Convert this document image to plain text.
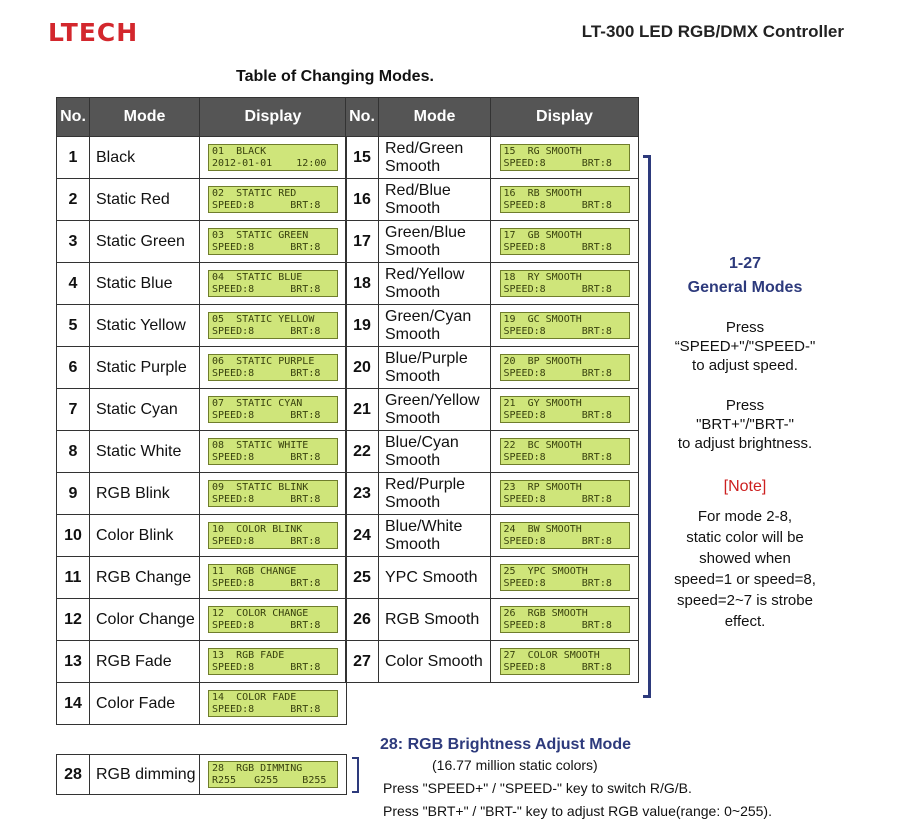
LTECH	LT-300 LED RGB/DMX Controller
Table of Changing Modes.
No.	Mode	Display
1	Black	01  BLACK
2012-01-01    12:00

2	Static Red	02  STATIC RED
SPEED:8      BRT:8

3	Static Green	03  STATIC GREEN
SPEED:8      BRT:8

4	Static Blue	04  STATIC BLUE
SPEED:8      BRT:8

5	Static Yellow	05  STATIC YELLOW
SPEED:8      BRT:8

6	Static Purple	06  STATIC PURPLE
SPEED:8      BRT:8

7	Static Cyan	07  STATIC CYAN
SPEED:8      BRT:8

8	Static White	08  STATIC WHITE
SPEED:8      BRT:8

9	RGB Blink	09  STATIC BLINK
SPEED:8      BRT:8

10	Color Blink	10  COLOR BLINK
SPEED:8      BRT:8

11	RGB Change	11  RGB CHANGE
SPEED:8      BRT:8

12	Color Change	12  COLOR CHANGE
SPEED:8      BRT:8

13	RGB Fade	13  RGB FADE
SPEED:8      BRT:8

14	Color Fade	14  COLOR FADE
SPEED:8      BRT:8
No.	Mode	Display
15	Red/Green Smooth	15  RG SMOOTH
SPEED:8      BRT:8

16	Red/Blue Smooth	16  RB SMOOTH
SPEED:8      BRT:8

17	Green/Blue Smooth	17  GB SMOOTH
SPEED:8      BRT:8

18	Red/Yellow Smooth	18  RY SMOOTH
SPEED:8      BRT:8

19	Green/Cyan Smooth	19  GC SMOOTH
SPEED:8      BRT:8

20	Blue/Purple Smooth	20  BP SMOOTH
SPEED:8      BRT:8

21	Green/Yellow Smooth	21  GY SMOOTH
SPEED:8      BRT:8

22	Blue/Cyan Smooth	22  BC SMOOTH
SPEED:8      BRT:8

23	Red/Purple Smooth	23  RP SMOOTH
SPEED:8      BRT:8

24	Blue/White Smooth	24  BW SMOOTH
SPEED:8      BRT:8

25	YPC Smooth	25  YPC SMOOTH
SPEED:8      BRT:8

26	RGB Smooth	26  RGB SMOOTH
SPEED:8      BRT:8

27	Color Smooth	27  COLOR SMOOTH
SPEED:8      BRT:8
1-27
General Modes
Press
“SPEED+"/"SPEED-"
to adjust speed.
Press
"BRT+"/"BRT-"
to adjust brightness.
[Note]
For mode 2-8,
static color will be
showed when
speed=1 or speed=8,
speed=2~7 is strobe
effect.
28	RGB dimming	28  RGB DIMMING
R255   G255    B255
28: RGB Brightness Adjust Mode
(16.77 million static colors)
Press "SPEED+" / "SPEED-" key to switch R/G/B.
Press "BRT+" / "BRT-" key to adjust RGB value(range: 0~255).
